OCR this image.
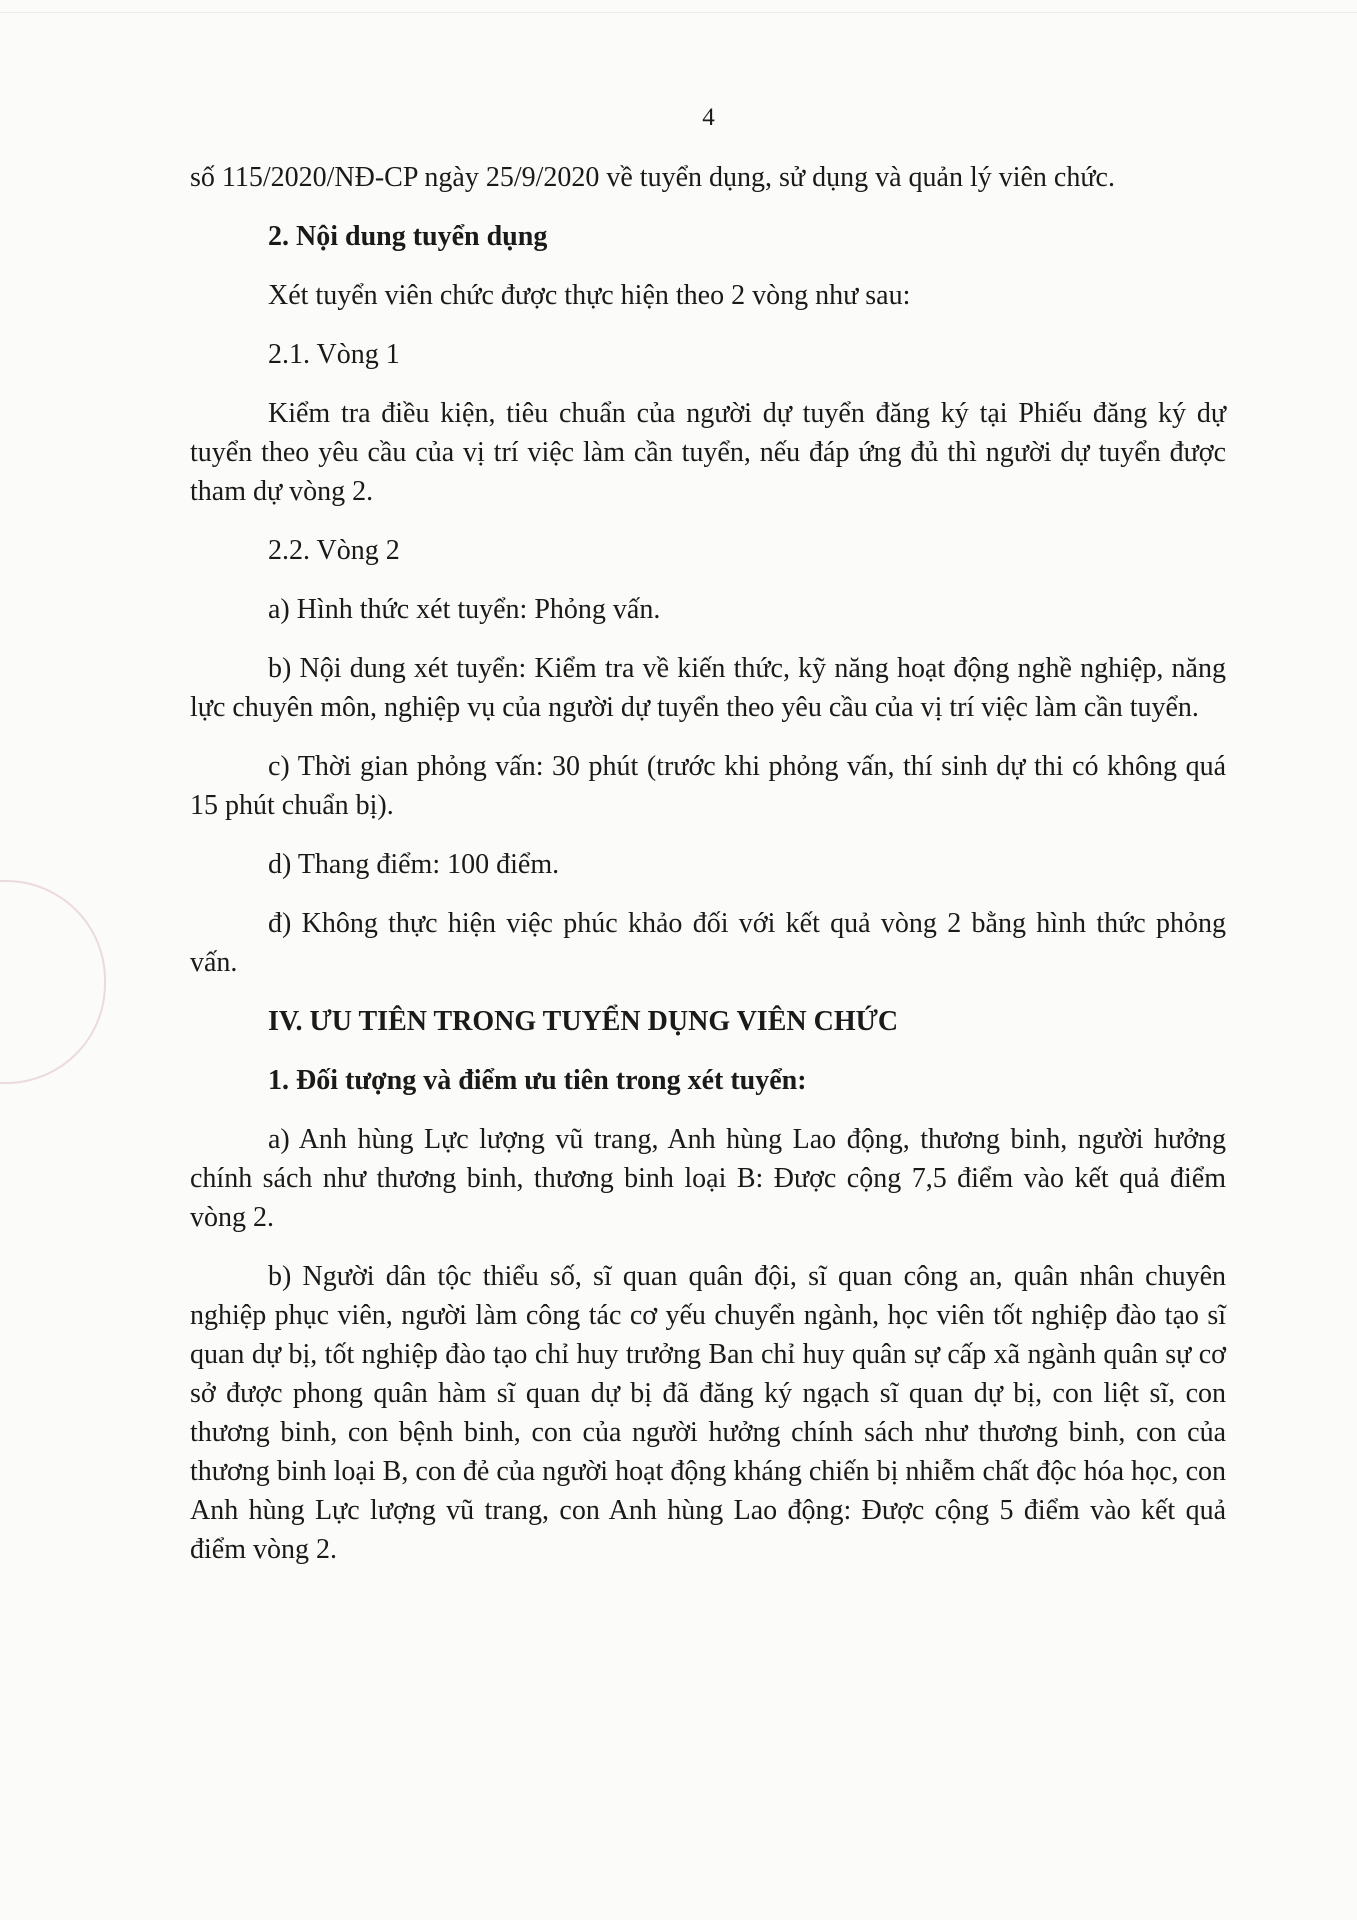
4

số 115/2020/NĐ-CP ngày 25/9/2020 về tuyển dụng, sử dụng và quản lý viên chức.

2. Nội dung tuyển dụng

Xét tuyển viên chức được thực hiện theo 2 vòng như sau:

2.1. Vòng 1

Kiểm tra điều kiện, tiêu chuẩn của người dự tuyển đăng ký tại Phiếu đăng ký dự tuyển theo yêu cầu của vị trí việc làm cần tuyển, nếu đáp ứng đủ thì người dự tuyển được tham dự vòng 2.

2.2. Vòng 2

a) Hình thức xét tuyển: Phỏng vấn.

b) Nội dung xét tuyển: Kiểm tra về kiến thức, kỹ năng hoạt động nghề nghiệp, năng lực chuyên môn, nghiệp vụ của người dự tuyển theo yêu cầu của vị trí việc làm cần tuyển.

c) Thời gian phỏng vấn: 30 phút (trước khi phỏng vấn, thí sinh dự thi có không quá 15 phút chuẩn bị).

d) Thang điểm: 100 điểm.

đ) Không thực hiện việc phúc khảo đối với kết quả vòng 2 bằng hình thức phỏng vấn.

IV. ƯU TIÊN TRONG TUYỂN DỤNG VIÊN CHỨC

1. Đối tượng và điểm ưu tiên trong xét tuyển:

a) Anh hùng Lực lượng vũ trang, Anh hùng Lao động, thương binh, người hưởng chính sách như thương binh, thương binh loại B: Được cộng 7,5 điểm vào kết quả điểm vòng 2.

b) Người dân tộc thiểu số, sĩ quan quân đội, sĩ quan công an, quân nhân chuyên nghiệp phục viên, người làm công tác cơ yếu chuyển ngành, học viên tốt nghiệp đào tạo sĩ quan dự bị, tốt nghiệp đào tạo chỉ huy trưởng Ban chỉ huy quân sự cấp xã ngành quân sự cơ sở được phong quân hàm sĩ quan dự bị đã đăng ký ngạch sĩ quan dự bị, con liệt sĩ, con thương binh, con bệnh binh, con của người hưởng chính sách như thương binh, con của thương binh loại B, con đẻ của người hoạt động kháng chiến bị nhiễm chất độc hóa học, con Anh hùng Lực lượng vũ trang, con Anh hùng Lao động: Được cộng 5 điểm vào kết quả điểm vòng 2.
